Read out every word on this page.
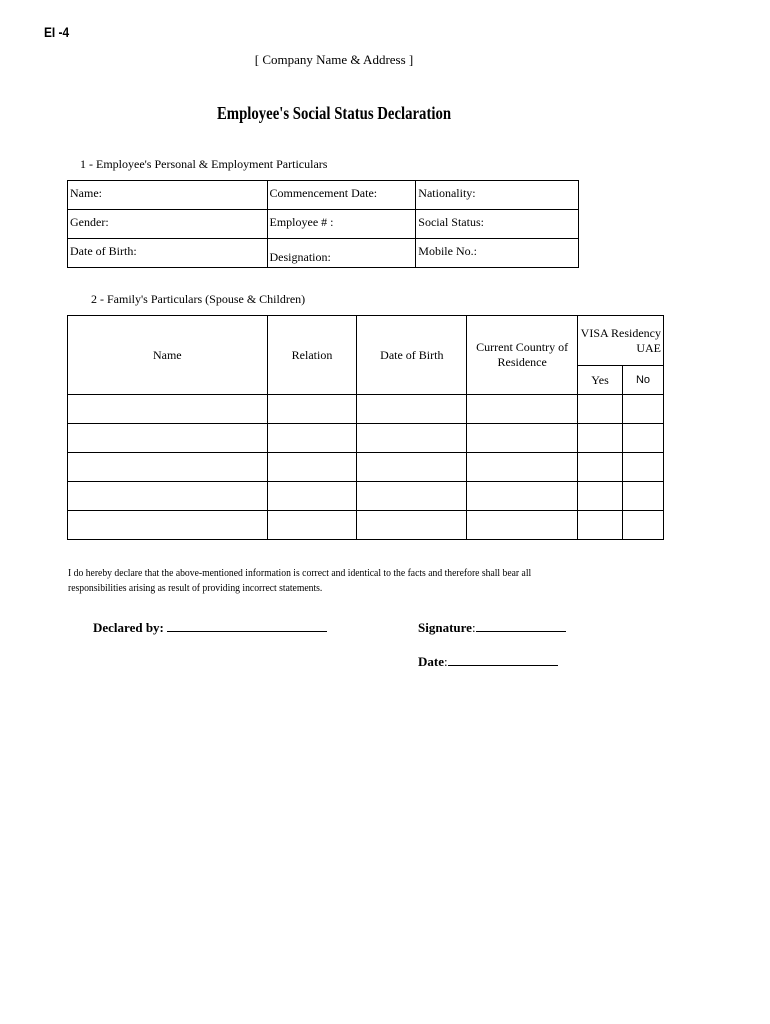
EI -4
[ Company Name & Address ]
Employee's Social Status Declaration
1 - Employee's Personal & Employment Particulars
Name:	Commencement Date:	Nationality:
Gender:	Employee # :	Social Status:
Date of Birth:	Designation:	Mobile No.:
2 - Family's Particulars (Spouse & Children)
Name	Relation	Date of Birth	Current Country of Residence	VISA Residency UAE	
				Yes	No

I do hereby declare that the above-mentioned information is correct and identical to the facts and therefore shall bear all responsibilities arising as result of providing incorrect statements.
Declared by:	Signature:
Date:
